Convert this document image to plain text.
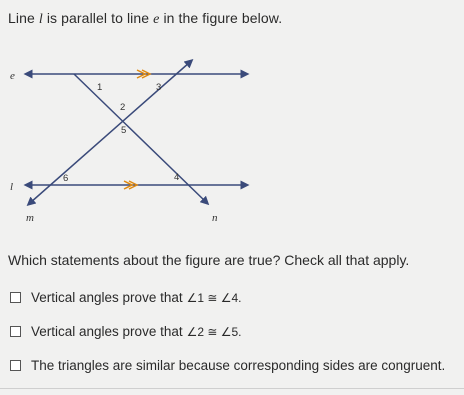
Line l is parallel to line e in the figure below.
e
l
m	n
1
2
3
4
5
6
Which statements about the figure are true? Check all that apply.
Vertical angles prove that ∠1 ≅ ∠4.
Vertical angles prove that ∠2 ≅ ∠5.
The triangles are similar because corresponding sides are congruent.
